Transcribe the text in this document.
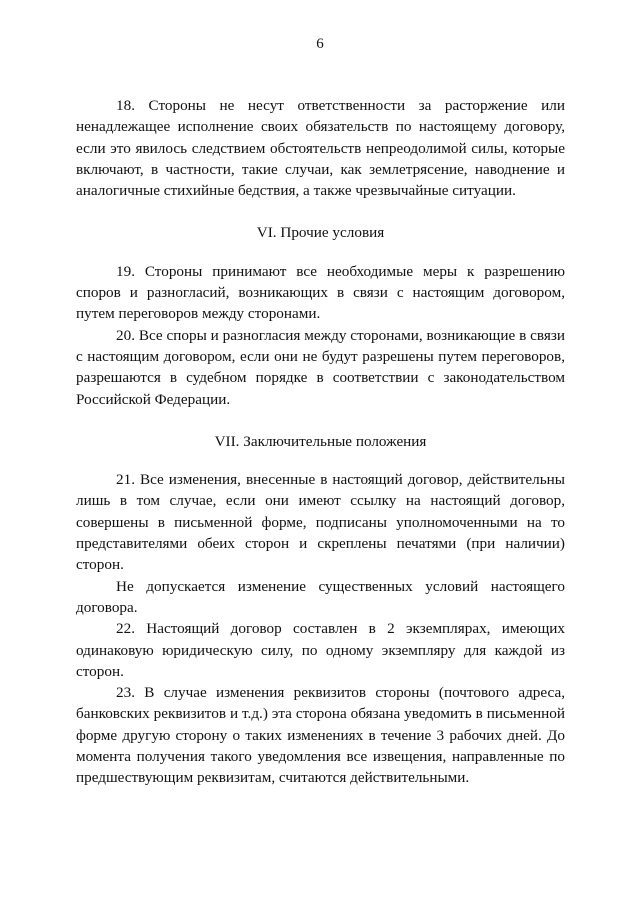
6

18. Стороны не несут ответственности за расторжение или ненадлежащее исполнение своих обязательств по настоящему договору, если это явилось следствием обстоятельств непреодолимой силы, которые включают, в частности, такие случаи, как землетрясение, наводнение и аналогичные стихийные бедствия, а также чрезвычайные ситуации.

VI. Прочие условия

19. Стороны принимают все необходимые меры к разрешению споров и разногласий, возникающих в связи с настоящим договором, путем переговоров между сторонами.

20. Все споры и разногласия между сторонами, возникающие в связи с настоящим договором, если они не будут разрешены путем переговоров, разрешаются в судебном порядке в соответствии с законодательством Российской Федерации.

VII. Заключительные положения

21. Все изменения, внесенные в настоящий договор, действительны лишь в том случае, если они имеют ссылку на настоящий договор, совершены в письменной форме, подписаны уполномоченными на то представителями обеих сторон и скреплены печатями (при наличии) сторон.

Не допускается изменение существенных условий настоящего договора.

22. Настоящий договор составлен в 2 экземплярах, имеющих одинаковую юридическую силу, по одному экземпляру для каждой из сторон.

23. В случае изменения реквизитов стороны (почтового адреса, банковских реквизитов и т.д.) эта сторона обязана уведомить в письменной форме другую сторону о таких изменениях в течение 3 рабочих дней. До момента получения такого уведомления все извещения, направленные по предшествующим реквизитам, считаются действительными.
